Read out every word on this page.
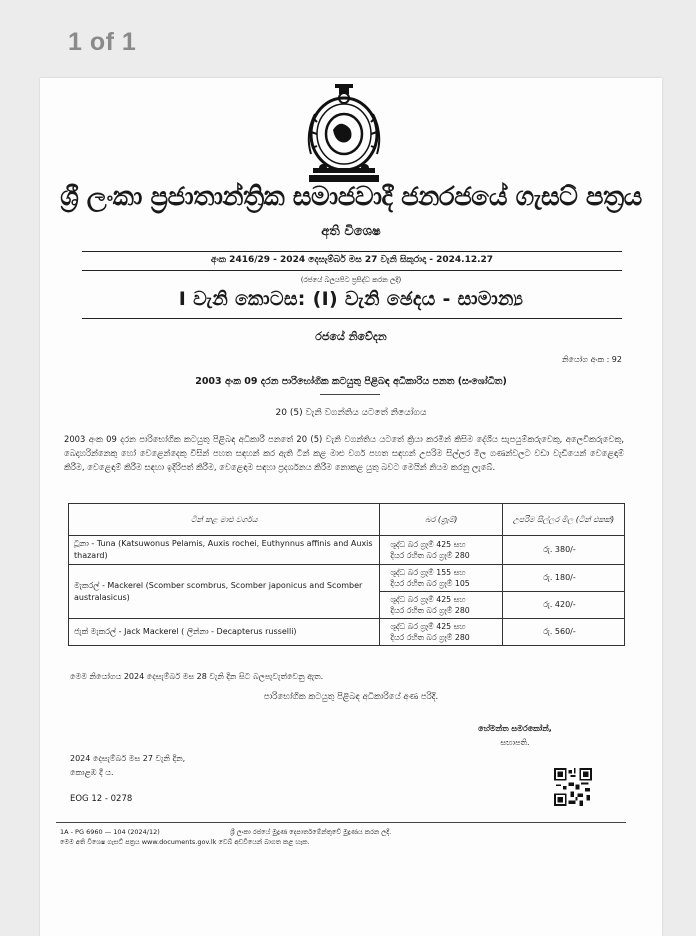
1 of 1
ශ්‍රී ලංකා ප්‍රජාතාන්ත්‍රික සමාජවාදී ජනරජයේ ගැසට් පත්‍රය
අති විශෙෂ
අංක 2416/29 - 2024 දෙසැම්බර් මස 27 වැනි සිකුරාදා - 2024.12.27
(රජයේ බලයපිට ප්‍රසිද්ධ කරන ලදී)
I වැනි කොටස: (I) වැනි ඡෙදය - සාමාන්‍ය
රජයේ නිවේදන
නියෝග අංක : 92
2003 අංක 09 දරන පාරිභෝගික කටයුතු පිළිබඳ අධිකාරිය පනත (සංශෝධිත)
20 (5) වැනි වගන්තිය යටතේ නියෝගය
2003 අංක 09 දරන පාරිභෝගික කටයුතු පිළිබඳ අධිකාරී පනතේ 20 (5) වැනි වගන්තිය යටතේ ක්‍රියා කරමින් කිසිම දේශීය සැපයුම්කරුවෙකු, අලෙවිකරුවෙකු, බෙදාහරින්නෙකු හෝ වෙළෙන්දෙකු විසින් පහත සඳහන් කර ඇති ටින් කළ මාළු වර්ග පහත සඳහන් උපරිම සිල්ලර මිල ගණන්වලට වඩා වැඩියෙන් වෙළෙඳාම් කිරීම, වෙළෙඳාම් කිරීම සඳහා ඉදිරිපත් කිරීම, වෙළෙඳාම සඳහා ප්‍රදර්ශනය කිරීම නොකළ යුතු බවට මෙයින් නියම කරනු ලැබේ.
ටින් කළ මාළු වර්ගය	බර (ග්‍රෑම්)	උපරිම සිල්ලර මිල (ටින් එකක්)
ටූනා - Tuna (Katsuwonus Pelamis, Auxis rochei, Euthynnus affinis and Auxis thazard)	ශුද්ධ බර ග්‍රෑම් 425 සහ
දියර රහිත බර ග්‍රෑම් 280	රු. 380/-
මැකරල් - Mackerel (Scomber scombrus, Scomber japonicus and Scomber australasicus)	ශුද්ධ බර ග්‍රෑම් 155 සහ
දියර රහිත බර ග්‍රෑම් 105	රු. 180/-

	ශුද්ධ බර ග්‍රෑම් 425 සහ
දියර රහිත බර ග්‍රෑම් 280	රු. 420/-
ජැක් මැකරල් - Jack Mackerel ( ලින්නා - Decapterus russelli)	ශුද්ධ බර ග්‍රෑම් 425 සහ
දියර රහිත බර ග්‍රෑම් 280	රු. 560/-
මෙම නියෝගය 2024 දෙසැම්බර් මස 28 වැනි දින සිට බලපැවැත්වෙනු ඇත.
පාරිභෝගික කටයුතු පිළිබඳ අධිකාරියේ අණ පරිදි.
හේමන්ත සමරකෝන්,
සභාපති.
2024 දෙසැම්බර් මස 27 වැනි දින,
කොළඹ දී ය.
EOG 12 - 0278
1A - PG 6960 — 104 (2024/12)	ශ්‍රී ලංකා රජයේ මුද්‍රණ දෙපාර්තමේන්තුවේ මුද්‍රණය කරන ලදී.
මෙම අති විශෙෂ ගැසට් පත්‍රය www.documents.gov.lk වෙබ් අඩවියෙන් බාගත කළ හැක.
